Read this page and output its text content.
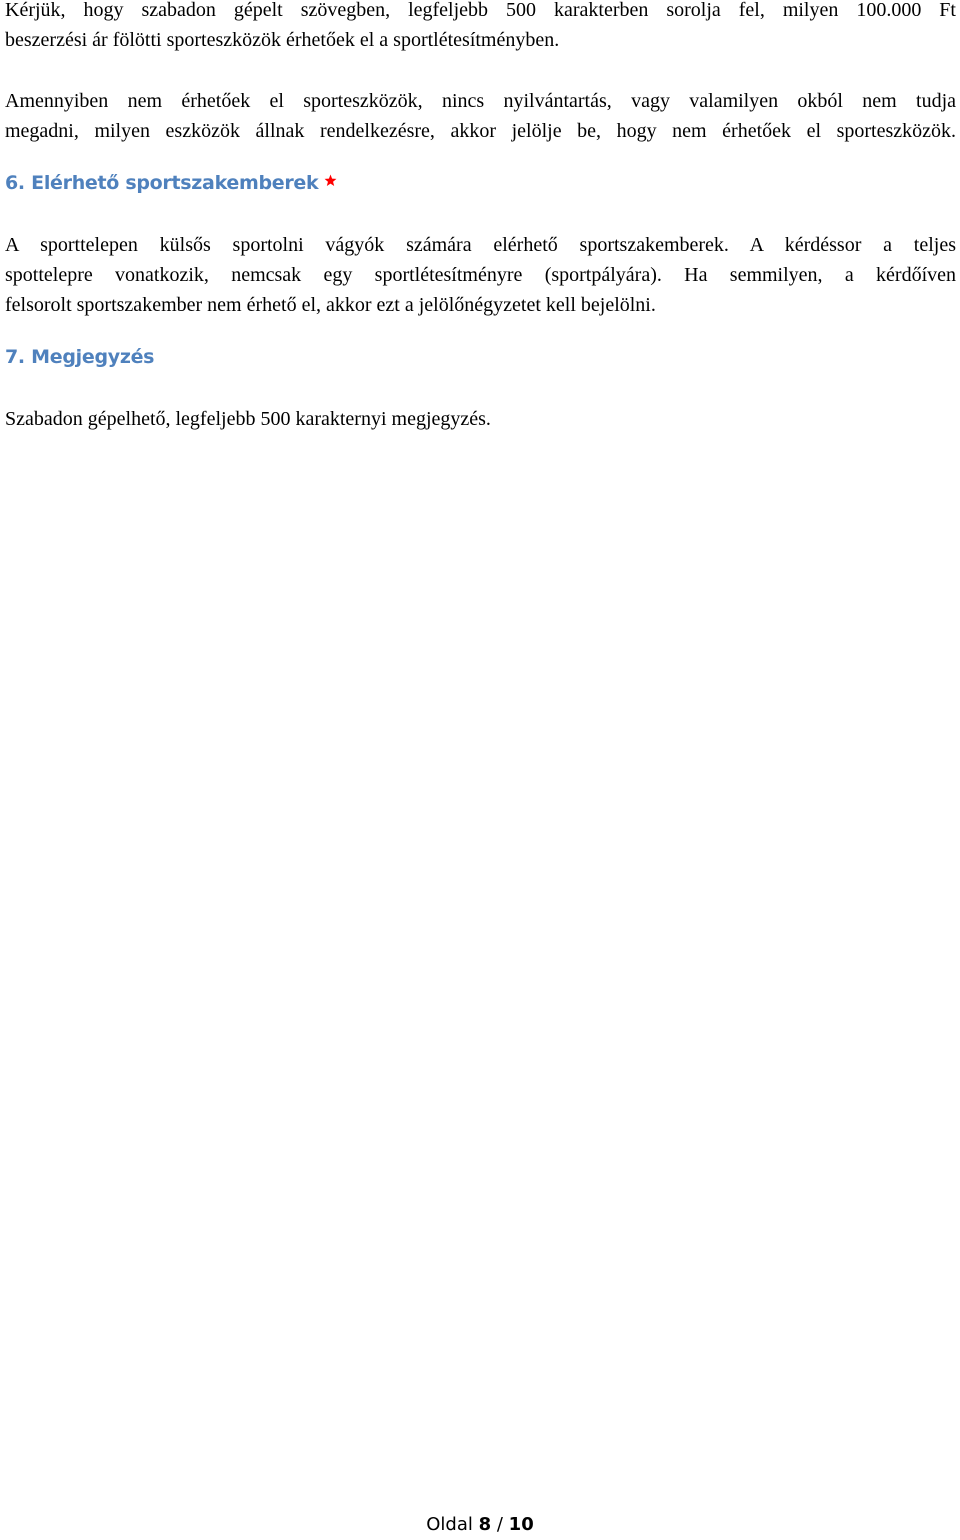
Kérjük, hogy szabadon gépelt szövegben, legfeljebb 500 karakterben sorolja fel, milyen 100.000 Ft
beszerzési ár fölötti sporteszközök érhetőek el a sportlétesítményben.

Amennyiben nem érhetőek el sporteszközök, nincs nyilvántartás, vagy valamilyen okból nem tudja
megadni, milyen eszközök állnak rendelkezésre, akkor jelölje be, hogy nem érhetőek el sporteszközök.

6. Elérhető sportszakemberek

A sporttelepen külsős sportolni vágyók számára elérhető sportszakemberek. A kérdéssor a teljes
spottelepre vonatkozik, nemcsak egy sportlétesítményre (sportpályára). Ha semmilyen, a kérdőíven
felsorolt sportszakember nem érhető el, akkor ezt a jelölőnégyzetet kell bejelölni.

7. Megjegyzés

Szabadon gépelhető, legfeljebb 500 karakternyi megjegyzés.

Oldal 8 / 10
